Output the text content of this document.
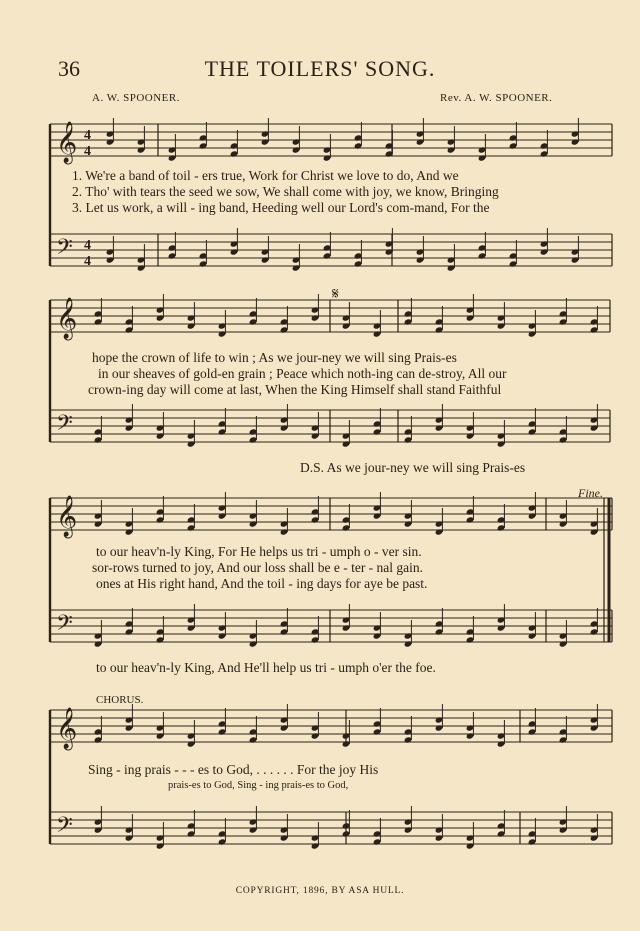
36	THE TOILERS' SONG.
A. W. SPOONER.	Rev. A. W. SPOONER.
𝄞
𝄢
𝄞
𝄢
𝄞
𝄢
𝄞
𝄢
4
4
4
4
1. We're a band of toil - ers true, Work for Christ we love to do, And we
2. Tho' with tears the seed we sow, We shall come with joy, we know, Bringing
3. Let us work, a will - ing band, Heeding well our Lord's com-mand, For the
𝄋
hope the crown of life to win ; As we jour-ney we will sing Prais-es
in our sheaves of gold-en grain ; Peace which noth-ing can de-stroy, All our
crown-ing day will come at last, When the King Himself shall stand Faithful
D.S. As we jour-ney we will sing Prais-es
Fine.
to our heav'n-ly King, For He helps us tri - umph o - ver sin.
sor-rows turned to joy, And our loss shall be e - ter - nal gain.
ones at His right hand, And the toil - ing days for aye be past.
to our heav'n-ly King, And He'll help us tri - umph o'er the foe.
CHORUS.
Sing - ing prais - - - es to God, . . . . . . For the joy His
prais-es to God, Sing - ing prais-es to God,
COPYRIGHT, 1896, BY ASA HULL.
